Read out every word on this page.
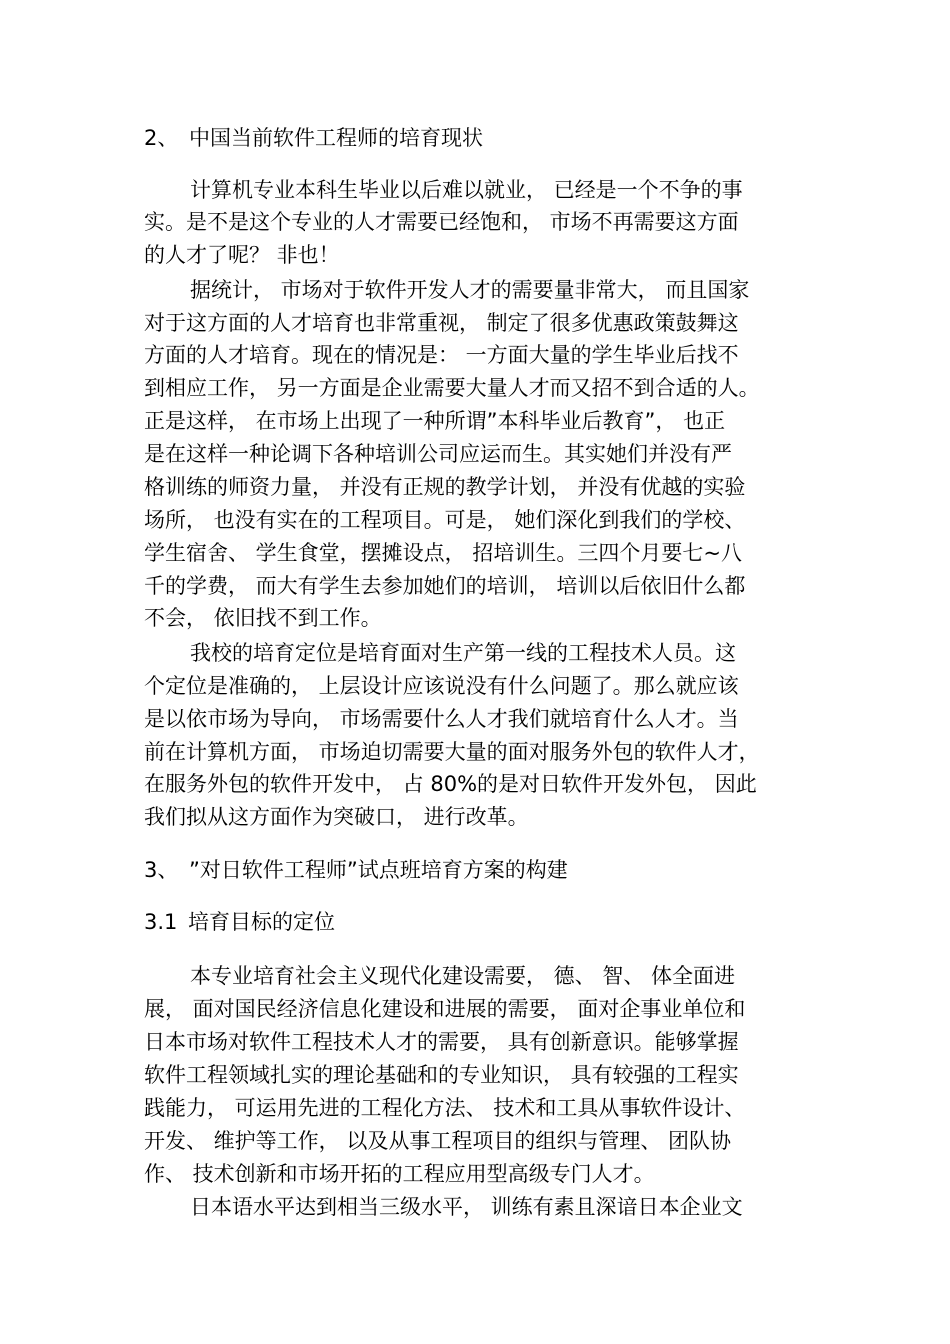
2、 中国当前软件工程师的培育现状
计算机专业本科生毕业以后难以就业， 已经是一个不争的事
实。是不是这个专业的人才需要已经饱和， 市场不再需要这方面
的人才了呢？ 非也！
据统计， 市场对于软件开发人才的需要量非常大， 而且国家
对于这方面的人才培育也非常重视， 制定了很多优惠政策鼓舞这
方面的人才培育。现在的情况是： 一方面大量的学生毕业后找不
到相应工作， 另一方面是企业需要大量人才而又招不到合适的人。
正是这样， 在市场上出现了一种所谓”本科毕业后教育”， 也正
是在这样一种论调下各种培训公司应运而生。其实她们并没有严
格训练的师资力量， 并没有正规的教学计划， 并没有优越的实验
场所， 也没有实在的工程项目。可是， 她们深化到我们的学校、
学生宿舍、 学生食堂，摆摊设点， 招培训生。三四个月要七~八
千的学费， 而大有学生去参加她们的培训， 培训以后依旧什么都
不会， 依旧找不到工作。
我校的培育定位是培育面对生产第一线的工程技术人员。这
个定位是准确的， 上层设计应该说没有什么问题了。那么就应该
是以依市场为导向， 市场需要什么人才我们就培育什么人才。当
前在计算机方面， 市场迫切需要大量的面对服务外包的软件人才，
在服务外包的软件开发中， 占 80%的是对日软件开发外包， 因此
我们拟从这方面作为突破口， 进行改革。
3、 ”对日软件工程师”试点班培育方案的构建
3.1 培育目标的定位
本专业培育社会主义现代化建设需要， 德、 智、 体全面进
展， 面对国民经济信息化建设和进展的需要， 面对企事业单位和
日本市场对软件工程技术人才的需要， 具有创新意识。能够掌握
软件工程领域扎实的理论基础和的专业知识， 具有较强的工程实
践能力， 可运用先进的工程化方法、 技术和工具从事软件设计、
开发、 维护等工作， 以及从事工程项目的组织与管理、 团队协
作、 技术创新和市场开拓的工程应用型高级专门人才。
日本语水平达到相当三级水平， 训练有素且深谙日本企业文
